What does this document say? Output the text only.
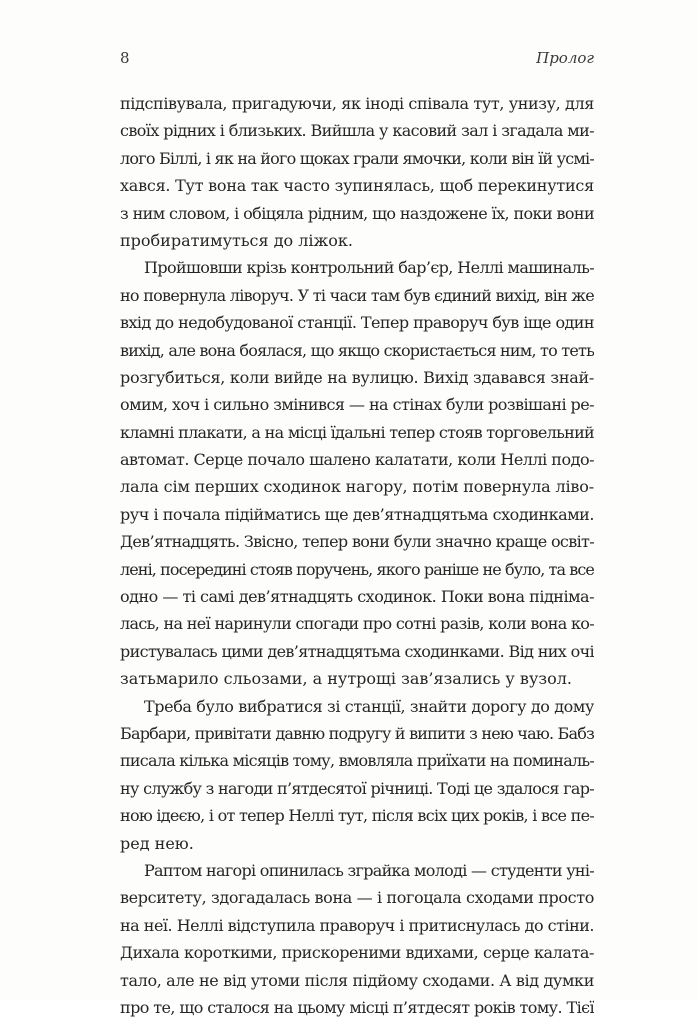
8	Пролог
підспівувала, пригадуючи, як іноді співала тут, унизу, для
своїх рідних і близьких. Вийшла у касовий зал і згадала ми-
лого Біллі, і як на його щоках грали ямочки, коли він їй усмі-
хався. Тут вона так часто зупинялась, щоб перекинутися
з ним словом, і обіцяла рідним, що наздожене їх, поки вони
пробиратимуться до ліжок.
Пройшовши крізь контрольний бар’єр, Неллі машиналь-
но повернула ліворуч. У ті часи там був єдиний вихід, він же
вхід до недобудованої станції. Тепер праворуч був іще один
вихід, але вона боялася, що якщо скористається ним, то теть
розгубиться, коли вийде на вулицю. Вихід здавався знай-
омим, хоч і сильно змінився — на стінах були розвішані ре-
кламні плакати, а на місці їдальні тепер стояв торговельний
автомат. Серце почало шалено калатати, коли Неллі подо-
лала сім перших сходинок нагору, потім повернула ліво-
руч і почала підійматись ще дев’ятнадцятьма сходинками.
Дев’ятнадцять. Звісно, тепер вони були значно краще освіт-
лені, посередині стояв поручень, якого раніше не було, та все
одно — ті самі дев’ятнадцять сходинок. Поки вона підніма-
лась, на неї наринули спогади про сотні разів, коли вона ко-
ристувалась цими дев’ятнадцятьма сходинками. Від них очі
затьмарило сльозами, а нутрощі зав’язались у вузол.
Треба було вибратися зі станції, знайти дорогу до дому
Барбари, привітати давню подругу й випити з нею чаю. Бабз
писала кілька місяців тому, вмовляла приїхати на поминаль-
ну службу з нагоди п’ятдесятої річниці. Тоді це здалося гар-
ною ідеєю, і от тепер Неллі тут, після всіх цих років, і все пе-
ред нею.
Раптом нагорі опинилась зграйка молоді — студенти уні-
верситету, здогадалась вона — і погоцала сходами просто
на неї. Неллі відступила праворуч і притиснулась до стіни.
Дихала короткими, прискореними вдихами, серце калата-
тало, але не від утоми після підйому сходами. А від думки
про те, що сталося на цьому місці п’ятдесят років тому. Тієї
